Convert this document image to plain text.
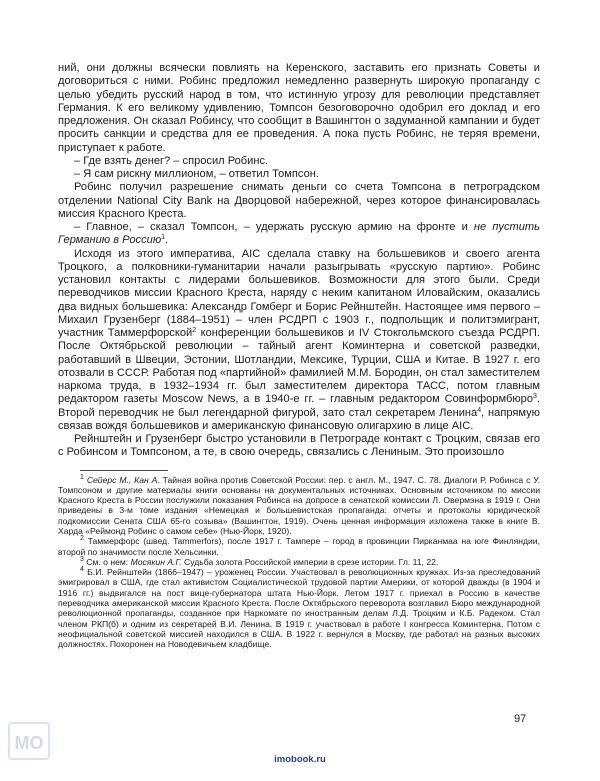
ний, они должны всячески повлиять на Керенского, заставить его признать Советы и договориться с ними. Робинс предложил немедленно развернуть широкую пропаганду с целью убедить русский народ в том, что истинную угрозу для революции представляет Германия. К его великому удивлению, Томпсон безоговорочно одобрил его доклад и его предложения. Он сказал Робинсу, что сообщит в Вашингтон о задуманной кампании и будет просить санкции и средства для ее проведения. А пока пусть Робинс, не теряя времени, приступает к работе.

– Где взять денег? – спросил Робинс.

– Я сам рискну миллионом, – ответил Томпсон.

Робинс получил разрешение снимать деньги со счета Томпсона в петроградском отделении National City Bank на Дворцовой набережной, через которое финансировалась миссия Красного Креста.

– Главное, – сказал Томпсон, – удержать русскую армию на фронте и не пустить Германию в Россию$^1$.

Исходя из этого императива, AIC сделала ставку на большевиков и своего агента Троцкого, а полковники-гуманитарии начали разыгрывать «русскую партию». Робинс установил контакты с лидерами большевиков. Возможности для этого были. Среди переводчиков миссии Красного Креста, наряду с неким капитаном Иловайским, оказались два видных большевика: Александр Гомберг и Борис Рейнштейн. Настоящее имя первого – Михаил Грузенберг (1884–1951) – член РСДРП с 1903 г., подпольщик и политэмигрант, участник Таммерфорской$^2$ конференции большевиков и IV Стокгольмского съезда РСДРП. После Октябрьской революции – тайный агент Коминтерна и советской разведки, работавший в Швеции, Эстонии, Шотландии, Мексике, Турции, США и Китае. В 1927 г. его отозвали в СССР. Работая под «партийной» фамилией М.М. Бородин, он стал заместителем наркома труда, в 1932–1934 гг. был заместителем директора ТАСС, потом главным редактором газеты Moscow News, а в 1940-е гг. – главным редактором Совинформбюро$^3$. Второй переводчик не был легендарной фигурой, зато стал секретарем Ленина$^4$, напрямую связав вождя большевиков и американскую финансовую олигархию в лице AIC.

Рейнштейн и Грузенберг быстро установили в Петрограде контакт с Троцким, связав его с Робинсом и Томпсоном, а те, в свою очередь, связались с Лениным. Это произошло

$^1$ Сейерс М., Кан А. Тайная война против Советской России: пер. с англ. М., 1947. С. 78. Диалоги Р. Робинса с У. Томпсоном и другие материалы книги основаны на документальных источниках. Основным источником по миссии Красного Креста в России послужили показания Робинса на допросе в сенатской комиссии Л. Овермэна в 1919 г. Они приведены в 3-м томе издания «Немецкая и большевистская пропаганда: отчеты и протоколы юридической подкомиссии Сената США 65-го созыва» (Вашингтон, 1919). Очень ценная информация изложена также в книге В. Харда «Реймонд Робинс о самом себе» (Нью-Йорк, 1920).

$^2$ Таммерфорс (швед. Tammerfors), после 1917 г. Тампере – город в провинции Пирканмаа на юге Финляндии, второй по значимости после Хельсинки.

$^3$ См. о нем: Мосякин А.Г. Судьба золота Российской империи в срезе истории. Гл. 11, 22.

$^4$ Б.И. Рейнштейн (1866–1947) – уроженец России. Участвовал в революционных кружках. Из-за преследований эмигрировал в США, где стал активистом Социалистической трудовой партии Америки, от которой дважды (в 1904 и 1916 гг.) выдвигался на пост вице-губернатора штата Нью-Йорк. Летом 1917 г. приехал в Россию в качестве переводчика американской миссии Красного Креста. После Октябрьского переворота возглавил Бюро международной революционной пропаганды, созданное при Наркомате по иностранным делам Л.Д. Троцким и К.Б. Радеком. Стал членом РКП(б) и одним из секретарей В.И. Ленина. В 1919 г. участвовал в работе I конгресса Коминтерна. Потом с неофициальной советской миссией находился в США. В 1922 г. вернулся в Москву, где работал на разных высоких должностях. Похоронен на Новодевичьем кладбище.

97
imobook.ru
МО
